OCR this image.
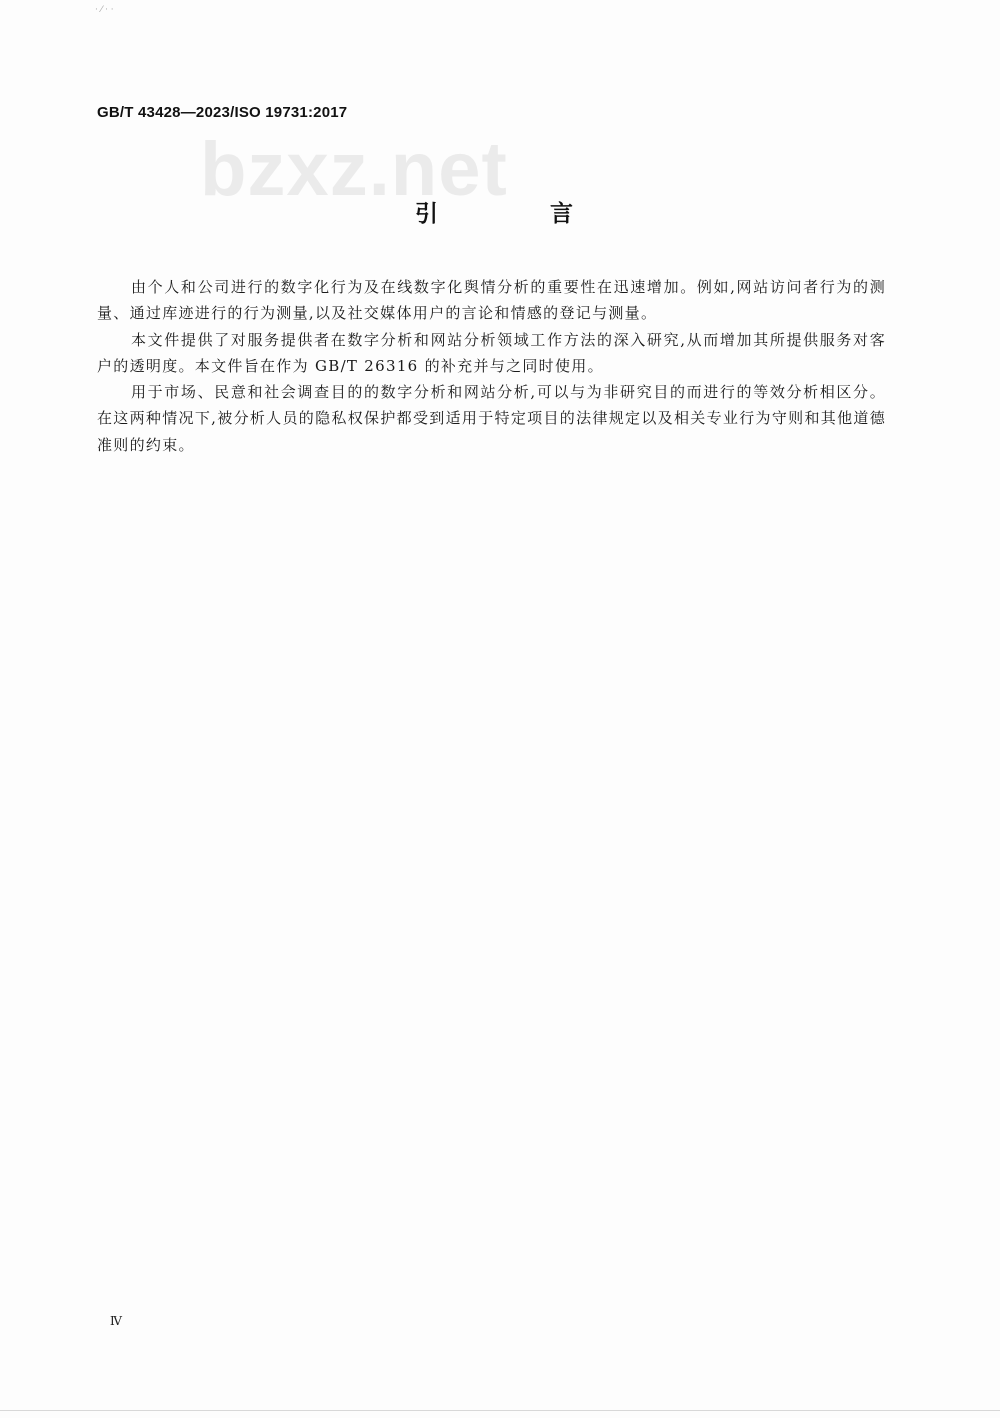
· ⁄ · ·
GB/T 43428—2023/ISO 19731:2017
bzxz.net
引 言

由个人和公司进行的数字化行为及在线数字化舆情分析的重要性在迅速增加。例如,网站访问者行为的测量、通过库迹进行的行为测量,以及社交媒体用户的言论和情感的登记与测量。

本文件提供了对服务提供者在数字分析和网站分析领域工作方法的深入研究,从而增加其所提供服务对客户的透明度。本文件旨在作为 GB/T 26316 的补充并与之同时使用。

用于市场、民意和社会调查目的的数字分析和网站分析,可以与为非研究目的而进行的等效分析相区分。在这两种情况下,被分析人员的隐私权保护都受到适用于特定项目的法律规定以及相关专业行为守则和其他道德准则的约束。

Ⅳ
